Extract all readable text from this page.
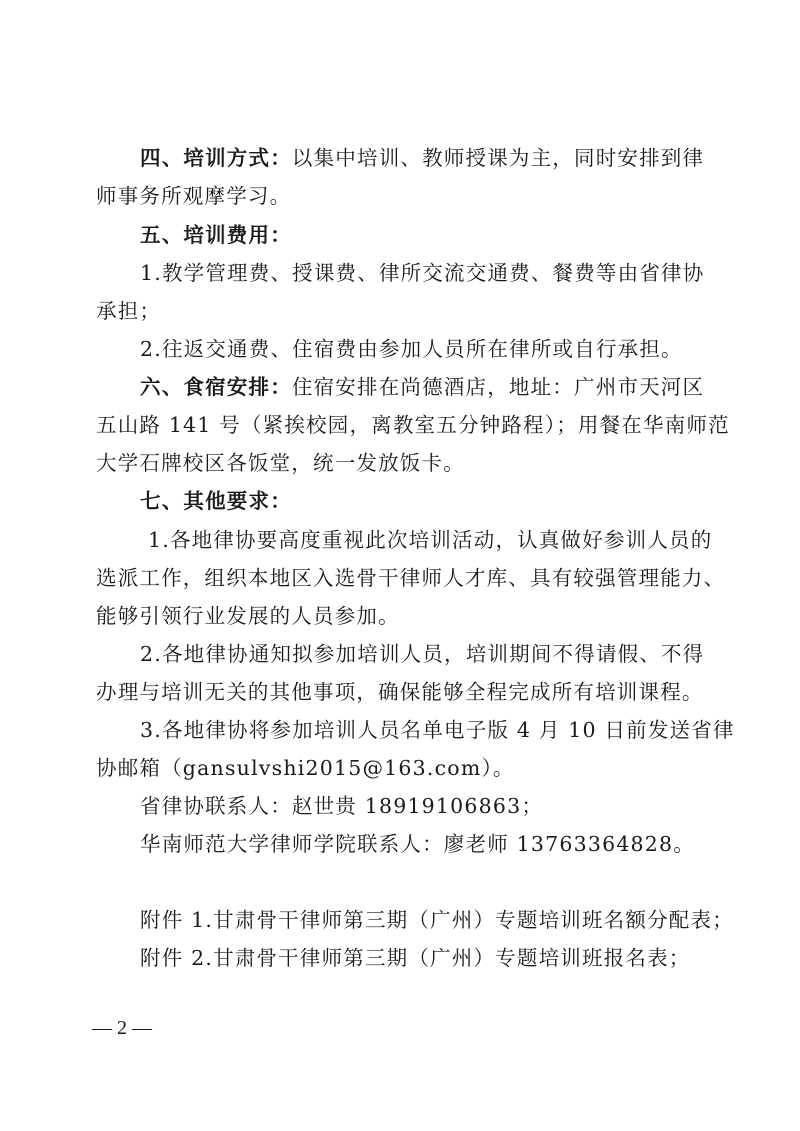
四、培训方式：以集中培训、教师授课为主，同时安排到律
师事务所观摩学习。
五、培训费用：
1.教学管理费、授课费、律所交流交通费、餐费等由省律协
承担；
2.往返交通费、住宿费由参加人员所在律所或自行承担。
六、食宿安排：住宿安排在尚德酒店，地址：广州市天河区
五山路 141 号（紧挨校园，离教室五分钟路程）；用餐在华南师范
大学石牌校区各饭堂，统一发放饭卡。
七、其他要求：
1.各地律协要高度重视此次培训活动，认真做好参训人员的
选派工作，组织本地区入选骨干律师人才库、具有较强管理能力、
能够引领行业发展的人员参加。
2.各地律协通知拟参加培训人员，培训期间不得请假、不得
办理与培训无关的其他事项，确保能够全程完成所有培训课程。
3.各地律协将参加培训人员名单电子版 4 月 10 日前发送省律
协邮箱（gansulvshi2015@163.com）。
省律协联系人：赵世贵 18919106863；
华南师范大学律师学院联系人：廖老师 13763364828。
附件 1.甘肃骨干律师第三期（广州）专题培训班名额分配表；
附件 2.甘肃骨干律师第三期（广州）专题培训班报名表；
— 2 —
